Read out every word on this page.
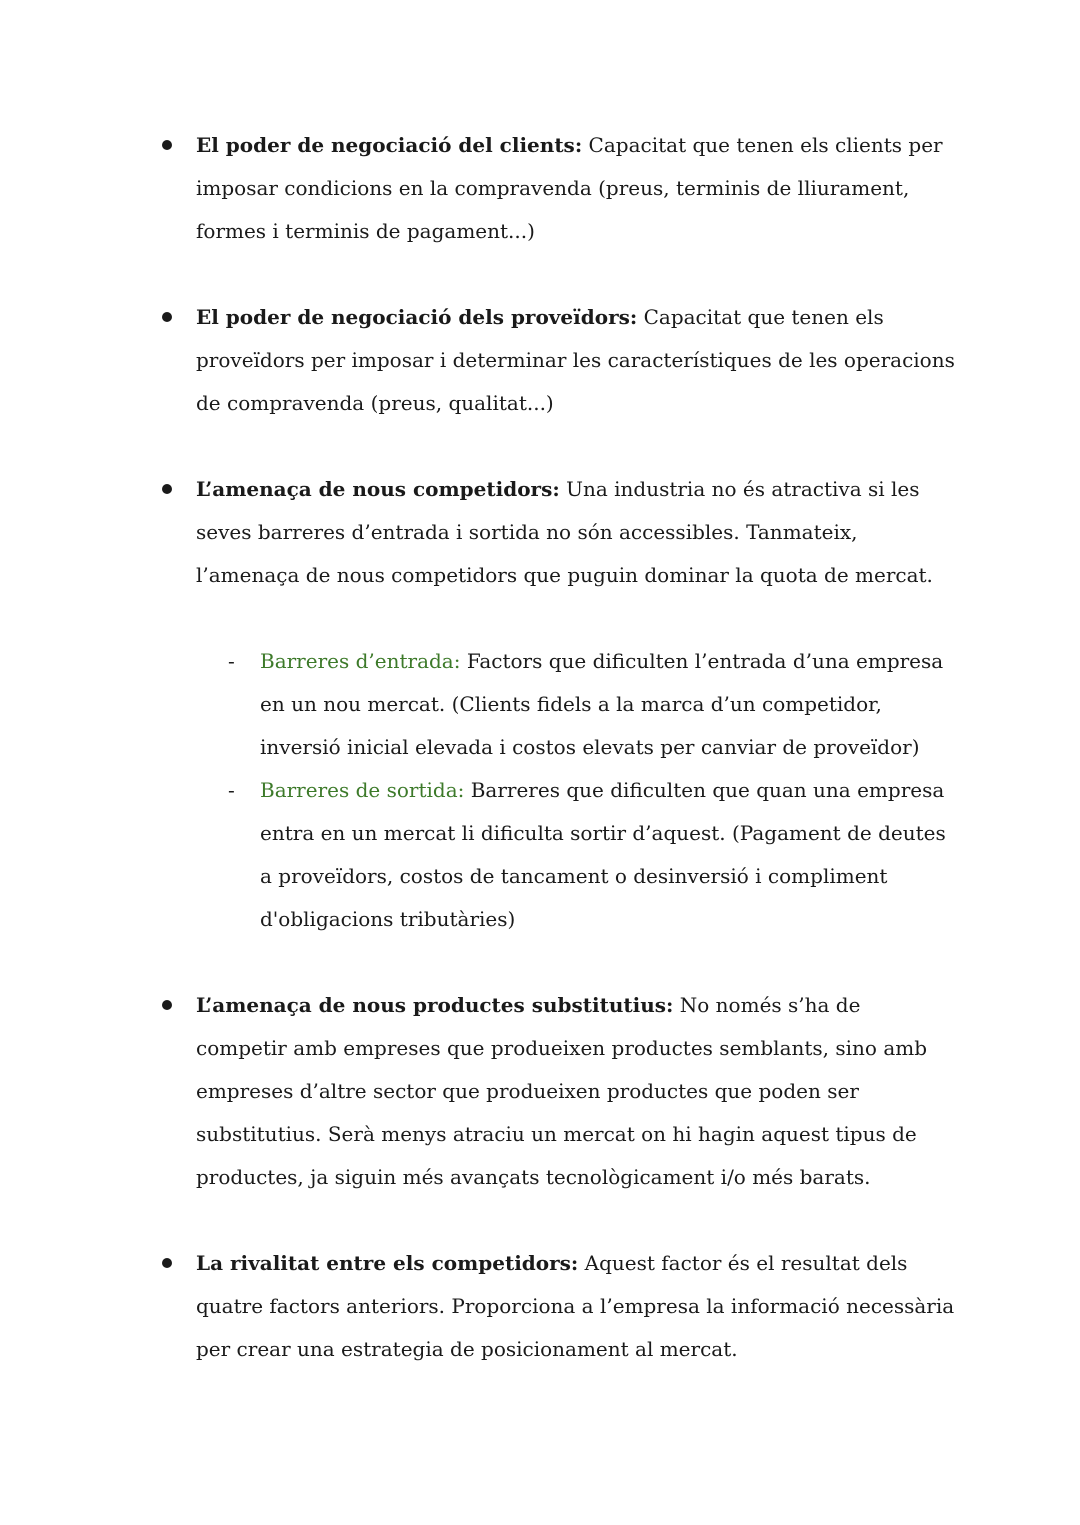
El poder de negociació del clients: Capacitat que tenen els clients per imposar condicions en la compravenda (preus, terminis de lliurament, formes i terminis de pagament...)
El poder de negociació dels proveïdors: Capacitat que tenen els proveïdors per imposar i determinar les característiques de les operacions de compravenda (preus, qualitat...)
L’amenaça de nous competidors: Una industria no és atractiva si les seves barreres d’entrada i sortida no són accessibles. Tanmateix, l’amenaça de nous competidors que puguin dominar la quota de mercat.
- Barreres d’entrada: Factors que dificulten l’entrada d’una empresa en un nou mercat. (Clients fidels a la marca d’un competidor, inversió inicial elevada i costos elevats per canviar de proveïdor)
- Barreres de sortida: Barreres que dificulten que quan una empresa entra en un mercat li dificulta sortir d’aquest. (Pagament de deutes a proveïdors, costos de tancament o desinversió i compliment d'obligacions tributàries)
L’amenaça de nous productes substitutius: No només s’ha de competir amb empreses que produeixen productes semblants, sino amb empreses d’altre sector que produeixen productes que poden ser substitutius. Serà menys atraciu un mercat on hi hagin aquest tipus de productes, ja siguin més avançats tecnològicament i/o més barats.
La rivalitat entre els competidors: Aquest factor és el resultat dels quatre factors anteriors. Proporciona a l’empresa la informació necessària per crear una estrategia de posicionament al mercat.
